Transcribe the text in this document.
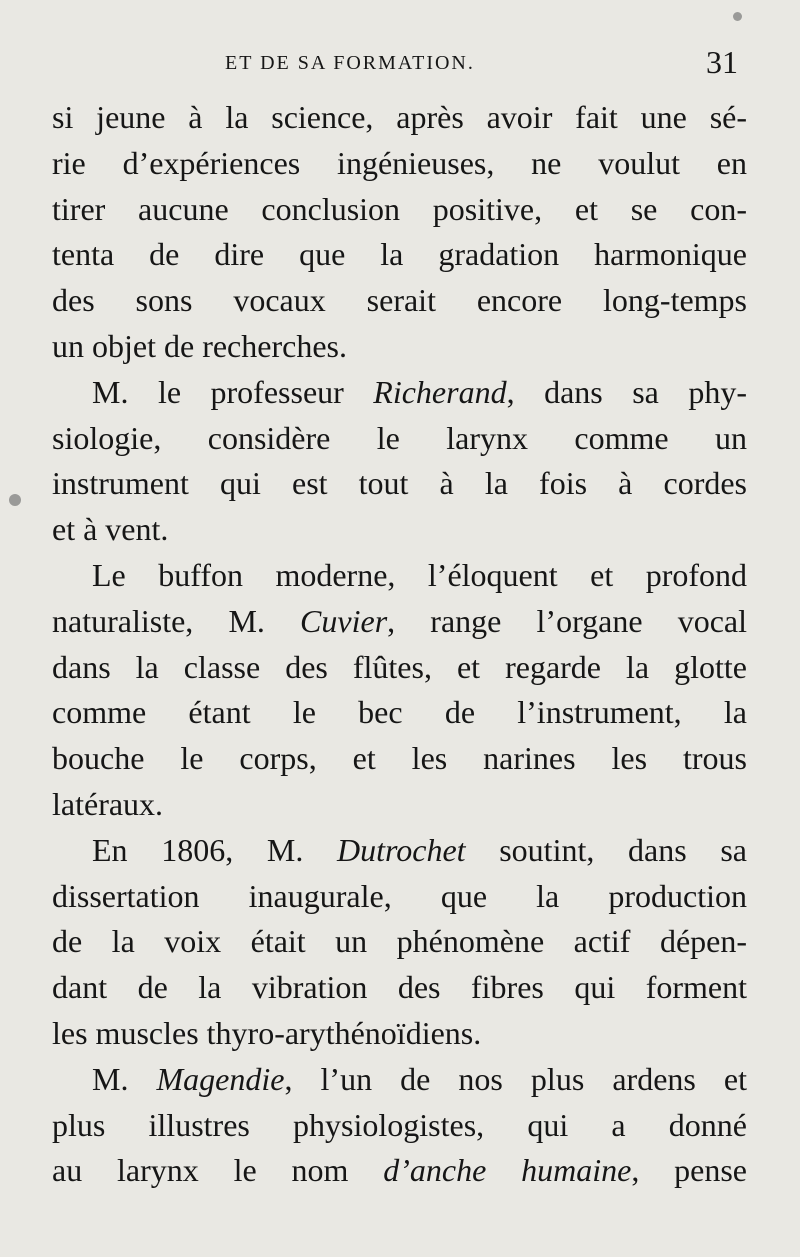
ET DE SA FORMATION.	31
si jeune à la science, après avoir fait une sé-
rie d’expériences ingénieuses, ne voulut en
tirer aucune conclusion positive, et se con-
tenta de dire que la gradation harmonique
des sons vocaux serait encore long-temps
un objet de recherches.
M. le professeur Richerand, dans sa phy-
siologie, considère le larynx comme un
instrument qui est tout à la fois à cordes
et à vent.
Le buffon moderne, l’éloquent et profond
naturaliste, M. Cuvier, range l’organe vocal
dans la classe des flûtes, et regarde la glotte
comme étant le bec de l’instrument, la
bouche le corps, et les narines les trous
latéraux.
En 1806, M. Dutrochet soutint, dans sa
dissertation inaugurale, que la production
de la voix était un phénomène actif dépen-
dant de la vibration des fibres qui forment
les muscles thyro-arythénoïdiens.
M. Magendie, l’un de nos plus ardens et
plus illustres physiologistes, qui a donné
au larynx le nom d’anche humaine, pense
